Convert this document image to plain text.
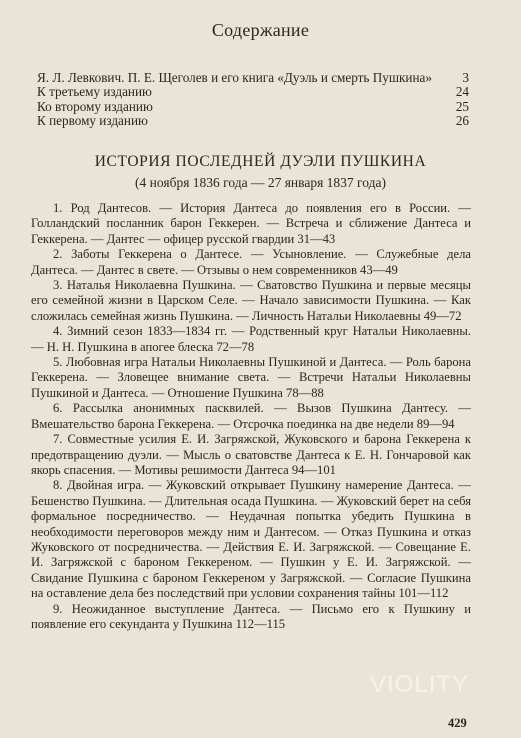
Содержание
Я. Л. Левкович. П. Е. Щеголев и его книга «Дуэль и смерть Пушкина»	3
К третьему изданию	24
Ко второму изданию	25
К первому изданию	26
ИСТОРИЯ ПОСЛЕДНЕЙ ДУЭЛИ ПУШКИНА
(4 ноября 1836 года — 27 января 1837 года)

1. Род Дантесов. — История Дантеса до появления его в России. — Голландский посланник барон Геккерен. — Встреча и сближение Дантеса и Геккерена. — Дантес — офицер русской гвардии 31—43

2. Заботы Геккерена о Дантесе. — Усыновление. — Служебные дела Дантеса. — Дантес в свете. — Отзывы о нем современников 43—49

3. Наталья Николаевна Пушкина. — Сватовство Пушкина и первые месяцы его семейной жизни в Царском Селе. — Начало зависимости Пушкина. — Как сложилась семейная жизнь Пушкина. — Личность Натальи Николаевны 49—72

4. Зимний сезон 1833—1834 гг. — Родственный круг Натальи Николаевны. — Н. Н. Пушкина в апогее блеска 72—78

5. Любовная игра Натальи Николаевны Пушкиной и Дантеса. — Роль барона Геккерена. — Зловещее внимание света. — Встречи Натальи Николаевны Пушкиной и Дантеса. — Отношение Пушкина 78—88

6. Рассылка анонимных пасквилей. — Вызов Пушкина Дантесу. — Вмешательство барона Геккерена. — Отсрочка поединка на две недели 89—94

7. Совместные усилия Е. И. Загряжской, Жуковского и барона Геккерена к предотвращению дуэли. — Мысль о сватовстве Дантеса к Е. Н. Гончаровой как якорь спасения. — Мотивы решимости Дантеса 94—101

8. Двойная игра. — Жуковский открывает Пушкину намерение Дантеса. — Бешенство Пушкина. — Длительная осада Пушкина. — Жуковский берет на себя формальное посредничество. — Неудачная попытка убедить Пушкина в необходимости переговоров между ним и Дантесом. — Отказ Пушкина и отказ Жуковского от посредничества. — Действия Е. И. Загряжской. — Совещание Е. И. Загряжской с бароном Геккереном. — Пушкин у Е. И. Загряжской. — Свидание Пушкина с бароном Геккереном у Загряжской. — Согласие Пушкина на оставление дела без последствий при условии сохранения тайны 101—112

9. Неожиданное выступление Дантеса. — Письмо его к Пушкину и появление его секунданта у Пушкина 112—115

VIOLITY
429
